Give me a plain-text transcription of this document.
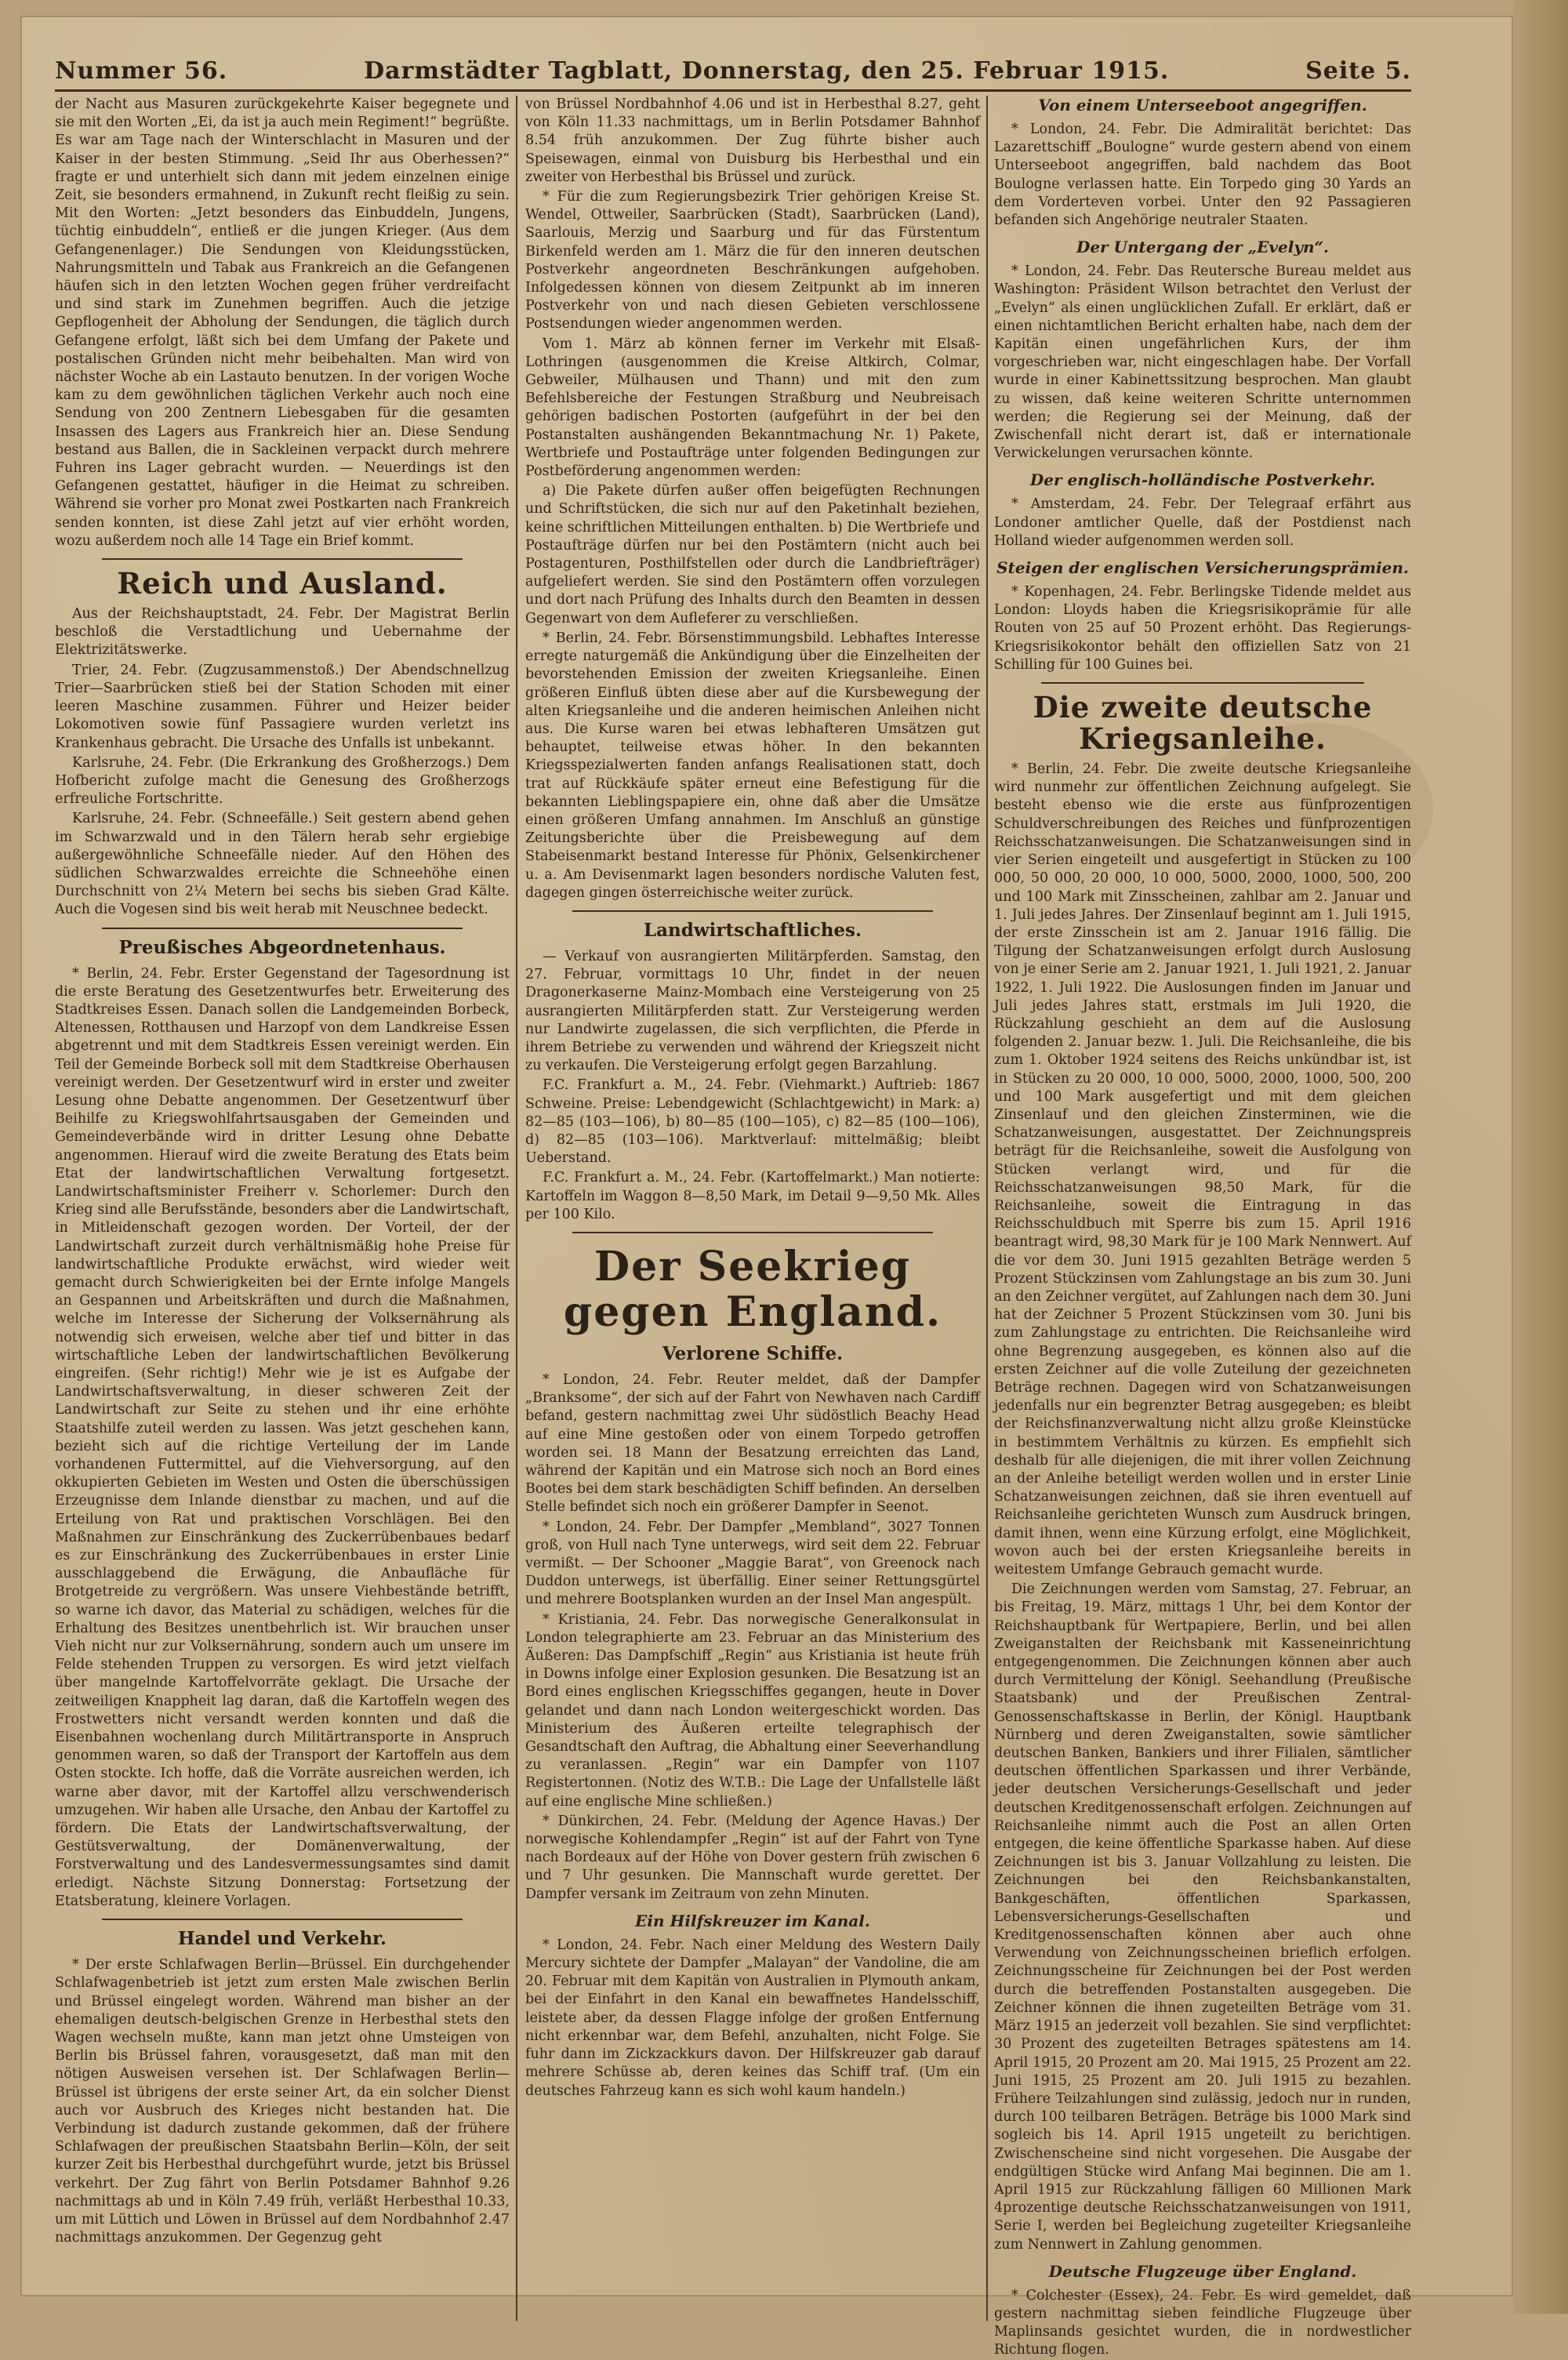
Nummer 56.	Darmstädter Tagblatt, Donnerstag, den 25. Februar 1915.	Seite 5.

der Nacht aus Masuren zurückgekehrte Kaiser begegnete und sie mit den Worten „Ei, da ist ja auch mein Regiment!“ begrüßte. Es war am Tage nach der Winterschlacht in Masuren und der Kaiser in der besten Stimmung. „Seid Ihr aus Oberhessen?“ fragte er und unterhielt sich dann mit jedem einzelnen einige Zeit, sie besonders ermahnend, in Zukunft recht fleißig zu sein. Mit den Worten: „Jetzt besonders das Einbuddeln, Jungens, tüchtig einbuddeln“, entließ er die jungen Krieger. (Aus dem Gefangenenlager.) Die Sendungen von Kleidungsstücken, Nahrungsmitteln und Tabak aus Frankreich an die Gefangenen häufen sich in den letzten Wochen gegen früher verdreifacht und sind stark im Zunehmen begriffen. Auch die jetzige Gepflogenheit der Abholung der Sendungen, die täglich durch Gefangene erfolgt, läßt sich bei dem Umfang der Pakete und postalischen Gründen nicht mehr beibehalten. Man wird von nächster Woche ab ein Lastauto benutzen. In der vorigen Woche kam zu dem gewöhnlichen täglichen Verkehr auch noch eine Sendung von 200 Zentnern Liebesgaben für die gesamten Insassen des Lagers aus Frankreich hier an. Diese Sendung bestand aus Ballen, die in Sackleinen verpackt durch mehrere Fuhren ins Lager gebracht wurden. — Neuerdings ist den Gefangenen gestattet, häufiger in die Heimat zu schreiben. Während sie vorher pro Monat zwei Postkarten nach Frankreich senden konnten, ist diese Zahl jetzt auf vier erhöht worden, wozu außerdem noch alle 14 Tage ein Brief kommt.

Reich und Ausland.

Aus der Reichshauptstadt, 24. Febr. Der Magistrat Berlin beschloß die Verstadtlichung und Uebernahme der Elektrizitätswerke.

Trier, 24. Febr. (Zugzusammenstoß.) Der Abendschnellzug Trier—Saarbrücken stieß bei der Station Schoden mit einer leeren Maschine zusammen. Führer und Heizer beider Lokomotiven sowie fünf Passagiere wurden verletzt ins Krankenhaus gebracht. Die Ursache des Unfalls ist unbekannt.

Karlsruhe, 24. Febr. (Die Erkrankung des Großherzogs.) Dem Hofbericht zufolge macht die Genesung des Großherzogs erfreuliche Fortschritte.

Karlsruhe, 24. Febr. (Schneefälle.) Seit gestern abend gehen im Schwarzwald und in den Tälern herab sehr ergiebige außergewöhnliche Schneefälle nieder. Auf den Höhen des südlichen Schwarzwaldes erreichte die Schneehöhe einen Durchschnitt von 2¼ Metern bei sechs bis sieben Grad Kälte. Auch die Vogesen sind bis weit herab mit Neuschnee bedeckt.

Preußisches Abgeordnetenhaus.

* Berlin, 24. Febr. Erster Gegenstand der Tagesordnung ist die erste Beratung des Gesetzentwurfes betr. Erweiterung des Stadtkreises Essen. Danach sollen die Landgemeinden Borbeck, Altenessen, Rotthausen und Harzopf von dem Landkreise Essen abgetrennt und mit dem Stadtkreis Essen vereinigt werden. Ein Teil der Gemeinde Borbeck soll mit dem Stadtkreise Oberhausen vereinigt werden. Der Gesetzentwurf wird in erster und zweiter Lesung ohne Debatte angenommen. Der Gesetzentwurf über Beihilfe zu Kriegswohlfahrtsausgaben der Gemeinden und Gemeindeverbände wird in dritter Lesung ohne Debatte angenommen. Hierauf wird die zweite Beratung des Etats beim Etat der landwirtschaftlichen Verwaltung fortgesetzt. Landwirtschaftsminister Freiherr v. Schorlemer: Durch den Krieg sind alle Berufsstände, besonders aber die Landwirtschaft, in Mitleidenschaft gezogen worden. Der Vorteil, der der Landwirtschaft zurzeit durch verhältnismäßig hohe Preise für landwirtschaftliche Produkte erwächst, wird wieder weit gemacht durch Schwierigkeiten bei der Ernte infolge Mangels an Gespannen und Arbeitskräften und durch die Maßnahmen, welche im Interesse der Sicherung der Volksernährung als notwendig sich erweisen, welche aber tief und bitter in das wirtschaftliche Leben der landwirtschaftlichen Bevölkerung eingreifen. (Sehr richtig!) Mehr wie je ist es Aufgabe der Landwirtschaftsverwaltung, in dieser schweren Zeit der Landwirtschaft zur Seite zu stehen und ihr eine erhöhte Staatshilfe zuteil werden zu lassen. Was jetzt geschehen kann, bezieht sich auf die richtige Verteilung der im Lande vorhandenen Futtermittel, auf die Viehversorgung, auf den okkupierten Gebieten im Westen und Osten die überschüssigen Erzeugnisse dem Inlande dienstbar zu machen, und auf die Erteilung von Rat und praktischen Vorschlägen. Bei den Maßnahmen zur Einschränkung des Zuckerrübenbaues bedarf es zur Einschränkung des Zuckerrübenbaues in erster Linie ausschlaggebend die Erwägung, die Anbaufläche für Brotgetreide zu vergrößern. Was unsere Viehbestände betrifft, so warne ich davor, das Material zu schädigen, welches für die Erhaltung des Besitzes unentbehrlich ist. Wir brauchen unser Vieh nicht nur zur Volksernährung, sondern auch um unsere im Felde stehenden Truppen zu versorgen. Es wird jetzt vielfach über mangelnde Kartoffelvorräte geklagt. Die Ursache der zeitweiligen Knappheit lag daran, daß die Kartoffeln wegen des Frostwetters nicht versandt werden konnten und daß die Eisenbahnen wochenlang durch Militärtransporte in Anspruch genommen waren, so daß der Transport der Kartoffeln aus dem Osten stockte. Ich hoffe, daß die Vorräte ausreichen werden, ich warne aber davor, mit der Kartoffel allzu verschwenderisch umzugehen. Wir haben alle Ursache, den Anbau der Kartoffel zu fördern. Die Etats der Landwirtschaftsverwaltung, der Gestütsverwaltung, der Domänenverwaltung, der Forstverwaltung und des Landesvermessungsamtes sind damit erledigt. Nächste Sitzung Donnerstag: Fortsetzung der Etatsberatung, kleinere Vorlagen.

Handel und Verkehr.

* Der erste Schlafwagen Berlin—Brüssel. Ein durchgehender Schlafwagenbetrieb ist jetzt zum ersten Male zwischen Berlin und Brüssel eingelegt worden. Während man bisher an der ehemaligen deutsch-belgischen Grenze in Herbesthal stets den Wagen wechseln mußte, kann man jetzt ohne Umsteigen von Berlin bis Brüssel fahren, vorausgesetzt, daß man mit den nötigen Ausweisen versehen ist. Der Schlafwagen Berlin—Brüssel ist übrigens der erste seiner Art, da ein solcher Dienst auch vor Ausbruch des Krieges nicht bestanden hat. Die Verbindung ist dadurch zustande gekommen, daß der frühere Schlafwagen der preußischen Staatsbahn Berlin—Köln, der seit kurzer Zeit bis Herbesthal durchgeführt wurde, jetzt bis Brüssel verkehrt. Der Zug fährt von Berlin Potsdamer Bahnhof 9.26 nachmittags ab und in Köln 7.49 früh, verläßt Herbesthal 10.33, um mit Lüttich und Löwen in Brüssel auf dem Nordbahnhof 2.47 nachmittags anzukommen. Der Gegenzug geht

von Brüssel Nordbahnhof 4.06 und ist in Herbesthal 8.27, geht von Köln 11.33 nachmittags, um in Berlin Potsdamer Bahnhof 8.54 früh anzukommen. Der Zug führte bisher auch Speisewagen, einmal von Duisburg bis Herbesthal und ein zweiter von Herbesthal bis Brüssel und zurück.

* Für die zum Regierungsbezirk Trier gehörigen Kreise St. Wendel, Ottweiler, Saarbrücken (Stadt), Saarbrücken (Land), Saarlouis, Merzig und Saarburg und für das Fürstentum Birkenfeld werden am 1. März die für den inneren deutschen Postverkehr angeordneten Beschränkungen aufgehoben. Infolgedessen können von diesem Zeitpunkt ab im inneren Postverkehr von und nach diesen Gebieten verschlossene Postsendungen wieder angenommen werden.

Vom 1. März ab können ferner im Verkehr mit Elsaß-Lothringen (ausgenommen die Kreise Altkirch, Colmar, Gebweiler, Mülhausen und Thann) und mit den zum Befehlsbereiche der Festungen Straßburg und Neubreisach gehörigen badischen Postorten (aufgeführt in der bei den Postanstalten aushängenden Bekanntmachung Nr. 1) Pakete, Wertbriefe und Postaufträge unter folgenden Bedingungen zur Postbeförderung angenommen werden:

a) Die Pakete dürfen außer offen beigefügten Rechnungen und Schriftstücken, die sich nur auf den Paketinhalt beziehen, keine schriftlichen Mitteilungen enthalten. b) Die Wertbriefe und Postaufträge dürfen nur bei den Postämtern (nicht auch bei Postagenturen, Posthilfstellen oder durch die Landbriefträger) aufgeliefert werden. Sie sind den Postämtern offen vorzulegen und dort nach Prüfung des Inhalts durch den Beamten in dessen Gegenwart von dem Aufleferer zu verschließen.

* Berlin, 24. Febr. Börsenstimmungsbild. Lebhaftes Interesse erregte naturgemäß die Ankündigung über die Einzelheiten der bevorstehenden Emission der zweiten Kriegsanleihe. Einen größeren Einfluß übten diese aber auf die Kursbewegung der alten Kriegsanleihe und die anderen heimischen Anleihen nicht aus. Die Kurse waren bei etwas lebhafteren Umsätzen gut behauptet, teilweise etwas höher. In den bekannten Kriegsspezialwerten fanden anfangs Realisationen statt, doch trat auf Rückkäufe später erneut eine Befestigung für die bekannten Lieblingspapiere ein, ohne daß aber die Umsätze einen größeren Umfang annahmen. Im Anschluß an günstige Zeitungsberichte über die Preisbewegung auf dem Stabeisenmarkt bestand Interesse für Phönix, Gelsenkirchener u. a. Am Devisenmarkt lagen besonders nordische Valuten fest, dagegen gingen österreichische weiter zurück.

Landwirtschaftliches.

— Verkauf von ausrangierten Militärpferden. Samstag, den 27. Februar, vormittags 10 Uhr, findet in der neuen Dragonerkaserne Mainz-Mombach eine Versteigerung von 25 ausrangierten Militärpferden statt. Zur Versteigerung werden nur Landwirte zugelassen, die sich verpflichten, die Pferde in ihrem Betriebe zu verwenden und während der Kriegszeit nicht zu verkaufen. Die Versteigerung erfolgt gegen Barzahlung.

F.C. Frankfurt a. M., 24. Febr. (Viehmarkt.) Auftrieb: 1867 Schweine. Preise: Lebendgewicht (Schlachtgewicht) in Mark: a) 82—85 (103—106), b) 80—85 (100—105), c) 82—85 (100—106), d) 82—85 (103—106). Marktverlauf: mittelmäßig; bleibt Ueberstand.

F.C. Frankfurt a. M., 24. Febr. (Kartoffelmarkt.) Man notierte: Kartoffeln im Waggon 8—8,50 Mark, im Detail 9—9,50 Mk. Alles per 100 Kilo.

Der Seekrieg gegen England.
Verlorene Schiffe.

* London, 24. Febr. Reuter meldet, daß der Dampfer „Branksome“, der sich auf der Fahrt von Newhaven nach Cardiff befand, gestern nachmittag zwei Uhr südöstlich Beachy Head auf eine Mine gestoßen oder von einem Torpedo getroffen worden sei. 18 Mann der Besatzung erreichten das Land, während der Kapitän und ein Matrose sich noch an Bord eines Bootes bei dem stark beschädigten Schiff befinden. An derselben Stelle befindet sich noch ein größerer Dampfer in Seenot.

* London, 24. Febr. Der Dampfer „Membland“, 3027 Tonnen groß, von Hull nach Tyne unterwegs, wird seit dem 22. Februar vermißt. — Der Schooner „Maggie Barat“, von Greenock nach Duddon unterwegs, ist überfällig. Einer seiner Rettungsgürtel und mehrere Bootsplanken wurden an der Insel Man angespült.

* Kristiania, 24. Febr. Das norwegische Generalkonsulat in London telegraphierte am 23. Februar an das Ministerium des Äußeren: Das Dampfschiff „Regin“ aus Kristiania ist heute früh in Downs infolge einer Explosion gesunken. Die Besatzung ist an Bord eines englischen Kriegsschiffes gegangen, heute in Dover gelandet und dann nach London weitergeschickt worden. Das Ministerium des Äußeren erteilte telegraphisch der Gesandtschaft den Auftrag, die Abhaltung einer Seeverhandlung zu veranlassen. „Regin“ war ein Dampfer von 1107 Registertonnen. (Notiz des W.T.B.: Die Lage der Unfallstelle läßt auf eine englische Mine schließen.)

* Dünkirchen, 24. Febr. (Meldung der Agence Havas.) Der norwegische Kohlendampfer „Regin“ ist auf der Fahrt von Tyne nach Bordeaux auf der Höhe von Dover gestern früh zwischen 6 und 7 Uhr gesunken. Die Mannschaft wurde gerettet. Der Dampfer versank im Zeitraum von zehn Minuten.

Ein Hilfskreuzer im Kanal.

* London, 24. Febr. Nach einer Meldung des Western Daily Mercury sichtete der Dampfer „Malayan“ der Vandoline, die am 20. Februar mit dem Kapitän von Australien in Plymouth ankam, bei der Einfahrt in den Kanal ein bewaffnetes Handelsschiff, leistete aber, da dessen Flagge infolge der großen Entfernung nicht erkennbar war, dem Befehl, anzuhalten, nicht Folge. Sie fuhr dann im Zickzackkurs davon. Der Hilfskreuzer gab darauf mehrere Schüsse ab, deren keines das Schiff traf. (Um ein deutsches Fahrzeug kann es sich wohl kaum handeln.)

Von einem Unterseeboot angegriffen.

* London, 24. Febr. Die Admiralität berichtet: Das Lazarettschiff „Boulogne“ wurde gestern abend von einem Unterseeboot angegriffen, bald nachdem das Boot Boulogne verlassen hatte. Ein Torpedo ging 30 Yards an dem Vorderteven vorbei. Unter den 92 Passagieren befanden sich Angehörige neutraler Staaten.

Der Untergang der „Evelyn“.

* London, 24. Febr. Das Reutersche Bureau meldet aus Washington: Präsident Wilson betrachtet den Verlust der „Evelyn“ als einen unglücklichen Zufall. Er erklärt, daß er einen nichtamtlichen Bericht erhalten habe, nach dem der Kapitän einen ungefährlichen Kurs, der ihm vorgeschrieben war, nicht eingeschlagen habe. Der Vorfall wurde in einer Kabinettssitzung besprochen. Man glaubt zu wissen, daß keine weiteren Schritte unternommen werden; die Regierung sei der Meinung, daß der Zwischenfall nicht derart ist, daß er internationale Verwickelungen verursachen könnte.

Der englisch-holländische Postverkehr.

* Amsterdam, 24. Febr. Der Telegraaf erfährt aus Londoner amtlicher Quelle, daß der Postdienst nach Holland wieder aufgenommen werden soll.

Steigen der englischen Versicherungsprämien.

* Kopenhagen, 24. Febr. Berlingske Tidende meldet aus London: Lloyds haben die Kriegsrisikoprämie für alle Routen von 25 auf 50 Prozent erhöht. Das Regierungs-Kriegsrisikokontor behält den offiziellen Satz von 21 Schilling für 100 Guines bei.

Die zweite deutsche Kriegsanleihe.

* Berlin, 24. Febr. Die zweite deutsche Kriegsanleihe wird nunmehr zur öffentlichen Zeichnung aufgelegt. Sie besteht ebenso wie die erste aus fünfprozentigen Schuldverschreibungen des Reiches und fünfprozentigen Reichsschatzanweisungen. Die Schatzanweisungen sind in vier Serien eingeteilt und ausgefertigt in Stücken zu 100 000, 50 000, 20 000, 10 000, 5000, 2000, 1000, 500, 200 und 100 Mark mit Zinsscheinen, zahlbar am 2. Januar und 1. Juli jedes Jahres. Der Zinsenlauf beginnt am 1. Juli 1915, der erste Zinsschein ist am 2. Januar 1916 fällig. Die Tilgung der Schatzanweisungen erfolgt durch Auslosung von je einer Serie am 2. Januar 1921, 1. Juli 1921, 2. Januar 1922, 1. Juli 1922. Die Auslosungen finden im Januar und Juli jedes Jahres statt, erstmals im Juli 1920, die Rückzahlung geschieht an dem auf die Auslosung folgenden 2. Januar bezw. 1. Juli. Die Reichsanleihe, die bis zum 1. Oktober 1924 seitens des Reichs unkündbar ist, ist in Stücken zu 20 000, 10 000, 5000, 2000, 1000, 500, 200 und 100 Mark ausgefertigt und mit dem gleichen Zinsenlauf und den gleichen Zinsterminen, wie die Schatzanweisungen, ausgestattet. Der Zeichnungspreis beträgt für die Reichsanleihe, soweit die Ausfolgung von Stücken verlangt wird, und für die Reichsschatzanweisungen 98,50 Mark, für die Reichsanleihe, soweit die Eintragung in das Reichsschuldbuch mit Sperre bis zum 15. April 1916 beantragt wird, 98,30 Mark für je 100 Mark Nennwert. Auf die vor dem 30. Juni 1915 gezahlten Beträge werden 5 Prozent Stückzinsen vom Zahlungstage an bis zum 30. Juni an den Zeichner vergütet, auf Zahlungen nach dem 30. Juni hat der Zeichner 5 Prozent Stückzinsen vom 30. Juni bis zum Zahlungstage zu entrichten. Die Reichsanleihe wird ohne Begrenzung ausgegeben, es können also auf die ersten Zeichner auf die volle Zuteilung der gezeichneten Beträge rechnen. Dagegen wird von Schatzanweisungen jedenfalls nur ein begrenzter Betrag ausgegeben; es bleibt der Reichsfinanzverwaltung nicht allzu große Kleinstücke in bestimmtem Verhältnis zu kürzen. Es empfiehlt sich deshalb für alle diejenigen, die mit ihrer vollen Zeichnung an der Anleihe beteiligt werden wollen und in erster Linie Schatzanweisungen zeichnen, daß sie ihren eventuell auf Reichsanleihe gerichteten Wunsch zum Ausdruck bringen, damit ihnen, wenn eine Kürzung erfolgt, eine Möglichkeit, wovon auch bei der ersten Kriegsanleihe bereits in weitestem Umfange Gebrauch gemacht wurde.

Die Zeichnungen werden vom Samstag, 27. Februar, an bis Freitag, 19. März, mittags 1 Uhr, bei dem Kontor der Reichshauptbank für Wertpapiere, Berlin, und bei allen Zweiganstalten der Reichsbank mit Kasseneinrichtung entgegengenommen. Die Zeichnungen können aber auch durch Vermittelung der Königl. Seehandlung (Preußische Staatsbank) und der Preußischen Zentral-Genossenschaftskasse in Berlin, der Königl. Hauptbank Nürnberg und deren Zweiganstalten, sowie sämtlicher deutschen Banken, Bankiers und ihrer Filialen, sämtlicher deutschen öffentlichen Sparkassen und ihrer Verbände, jeder deutschen Versicherungs-Gesellschaft und jeder deutschen Kreditgenossenschaft erfolgen. Zeichnungen auf Reichsanleihe nimmt auch die Post an allen Orten entgegen, die keine öffentliche Sparkasse haben. Auf diese Zeichnungen ist bis 3. Januar Vollzahlung zu leisten. Die Zeichnungen bei den Reichsbankanstalten, Bankgeschäften, öffentlichen Sparkassen, Lebensversicherungs-Gesellschaften und Kreditgenossenschaften können aber auch ohne Verwendung von Zeichnungsscheinen brieflich erfolgen. Zeichnungsscheine für Zeichnungen bei der Post werden durch die betreffenden Postanstalten ausgegeben. Die Zeichner können die ihnen zugeteilten Beträge vom 31. März 1915 an jederzeit voll bezahlen. Sie sind verpflichtet: 30 Prozent des zugeteilten Betrages spätestens am 14. April 1915, 20 Prozent am 20. Mai 1915, 25 Prozent am 22. Juni 1915, 25 Prozent am 20. Juli 1915 zu bezahlen. Frühere Teilzahlungen sind zulässig, jedoch nur in runden, durch 100 teilbaren Beträgen. Beträge bis 1000 Mark sind sogleich bis 14. April 1915 ungeteilt zu berichtigen. Zwischenscheine sind nicht vorgesehen. Die Ausgabe der endgültigen Stücke wird Anfang Mai beginnen. Die am 1. April 1915 zur Rückzahlung fälligen 60 Millionen Mark 4prozentige deutsche Reichsschatzanweisungen von 1911, Serie I, werden bei Begleichung zugeteilter Kriegsanleihe zum Nennwert in Zahlung genommen.

Deutsche Flugzeuge über England.

* Colchester (Essex), 24. Febr. Es wird gemeldet, daß gestern nachmittag sieben feindliche Flugzeuge über Maplinsands gesichtet wurden, die in nordwestlicher Richtung flogen.
